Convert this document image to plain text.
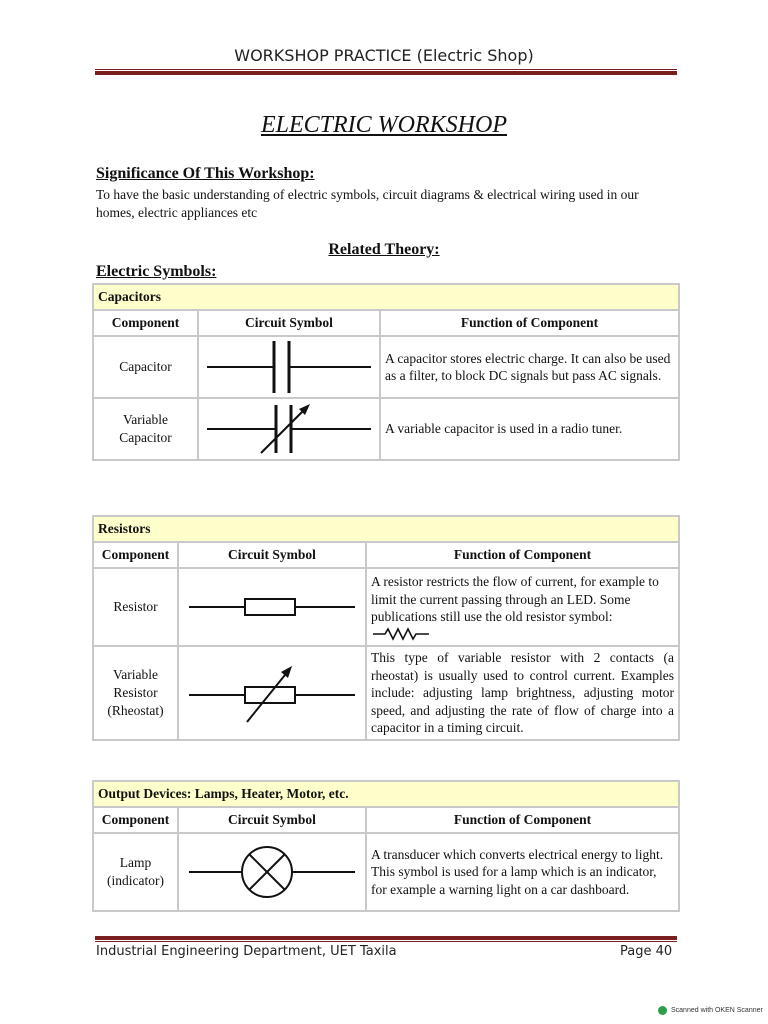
WORKSHOP PRACTICE (Electric Shop)
ELECTRIC WORKSHOP
Significance Of This Workshop:
To have the basic understanding of electric symbols, circuit diagrams & electrical wiring used in our homes, electric appliances etc
Related Theory:
Electric Symbols:
Capacitors		
Component	Circuit Symbol	Function of Component
Capacitor		A capacitor stores electric charge. It can also be used as a filter, to block DC signals but pass AC signals.
Variable Capacitor		A variable capacitor is used in a radio tuner.
Resistors		
Component	Circuit Symbol	Function of Component
Resistor		A resistor restricts the flow of current, for example to limit the current passing through an LED. Some publications still use the old resistor symbol:

Variable Resistor (Rheostat)		This type of variable resistor with 2 contacts (a rheostat) is usually used to control current. Examples include: adjusting lamp brightness, adjusting motor speed, and adjusting the rate of flow of charge into a capacitor in a timing circuit.
Output Devices: Lamps, Heater, Motor, etc.		
Component	Circuit Symbol	Function of Component
Lamp (indicator)		A transducer which converts electrical energy to light. This symbol is used for a lamp which is an indicator, for example a warning light on a car dashboard.
Industrial Engineering Department, UET Taxila	Page 40
Scanned with OKEN Scanner
